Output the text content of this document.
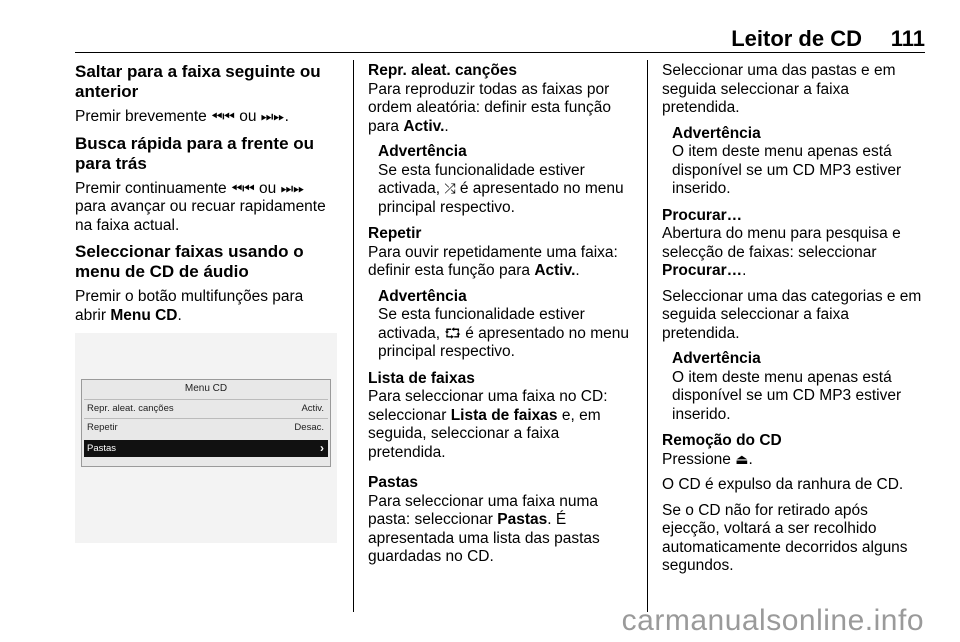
Leitor de CD 111
Saltar para a faixa seguinte ou anterior

Premir brevemente ⏪︎⏮︎ ou ⏭︎⏩︎.

Busca rápida para a frente ou para trás

Premir continuamente ⏪︎⏮︎ ou ⏭︎⏩︎ para avançar ou recuar rapidamente na faixa actual.

Seleccionar faixas usando o menu de CD de áudio

Premir o botão multifunções para abrir Menu CD.

Menu CD
Repr. aleat. canções	Activ.
Repetir	Desac.
Pastas	›
Repr. aleat. canções

Para reproduzir todas as faixas por ordem aleatória: definir esta função para Activ..

Advertência

Se esta funcionalidade estiver activada, ⤮ é apresentado no menu principal respectivo.

Repetir

Para ouvir repetidamente uma faixa: definir esta função para Activ..

Advertência

Se esta funcionalidade estiver activada, ⮔ é apresentado no menu principal respectivo.

Lista de faixas

Para seleccionar uma faixa no CD: seleccionar Lista de faixas e, em seguida, seleccionar a faixa pretendida.

Pastas

Para seleccionar uma faixa numa pasta: seleccionar Pastas. É apresentada uma lista das pastas guardadas no CD.

Seleccionar uma das pastas e em seguida seleccionar a faixa pretendida.

Advertência

O item deste menu apenas está disponível se um CD MP3 estiver inserido.

Procurar…

Abertura do menu para pesquisa e selecção de faixas: seleccionar Procurar….

Seleccionar uma das categorias e em seguida seleccionar a faixa pretendida.

Advertência

O item deste menu apenas está disponível se um CD MP3 estiver inserido.

Remoção do CD

Pressione ⏏︎.

O CD é expulso da ranhura de CD.

Se o CD não for retirado após ejecção, voltará a ser recolhido automaticamente decorridos alguns segundos.

carmanualsonline.info
